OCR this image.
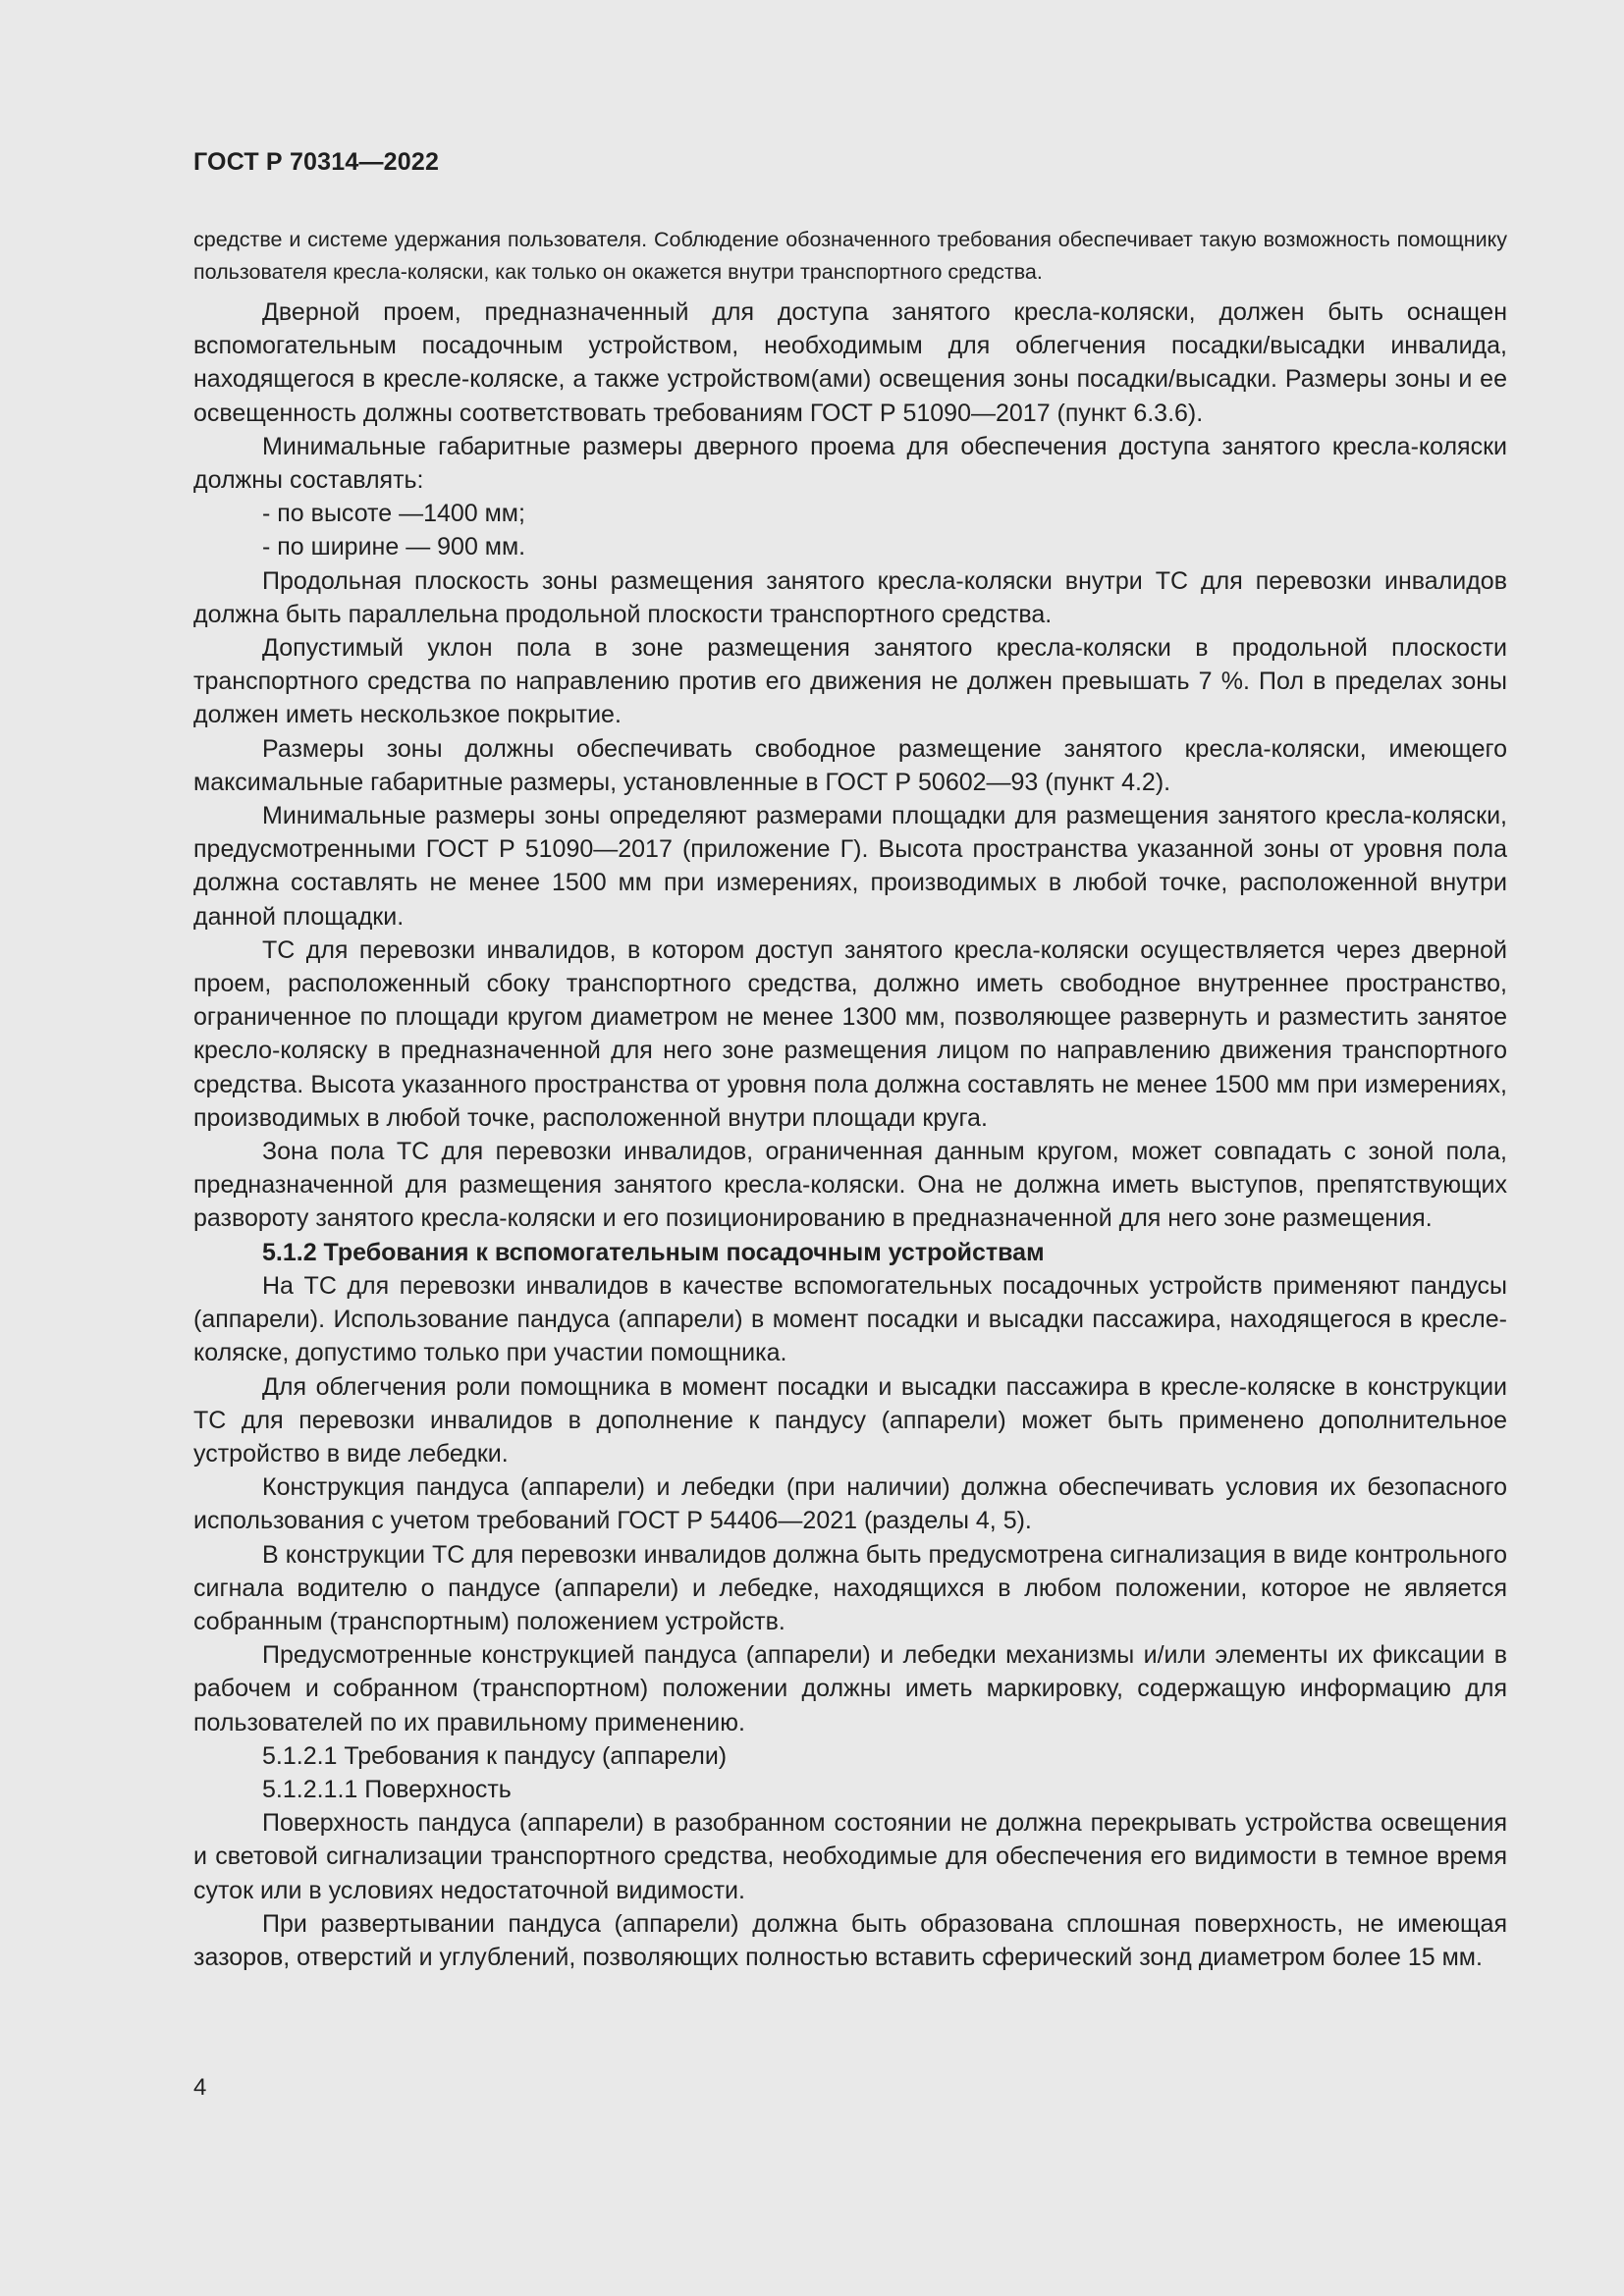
ГОСТ Р 70314—2022

средстве и системе удержания пользователя. Соблюдение обозначенного требования обеспечивает такую возможность помощнику пользователя кресла-коляски, как только он окажется внутри транспортного средства.

Дверной проем, предназначенный для доступа занятого кресла-коляски, должен быть оснащен вспомогательным посадочным устройством, необходимым для облегчения посадки/высадки инвалида, находящегося в кресле-коляске, а также устройством(ами) освещения зоны посадки/высадки. Размеры зоны и ее освещенность должны соответствовать требованиям ГОСТ Р 51090—2017 (пункт 6.3.6).

Минимальные габаритные размеры дверного проема для обеспечения доступа занятого кресла-коляски должны составлять:

- по высоте —1400 мм;

- по ширине — 900 мм.

Продольная плоскость зоны размещения занятого кресла-коляски внутри ТС для перевозки инвалидов должна быть параллельна продольной плоскости транспортного средства.

Допустимый уклон пола в зоне размещения занятого кресла-коляски в продольной плоскости транспортного средства по направлению против его движения не должен превышать 7 %. Пол в пределах зоны должен иметь нескользкое покрытие.

Размеры зоны должны обеспечивать свободное размещение занятого кресла-коляски, имеющего максимальные габаритные размеры, установленные в ГОСТ Р 50602—93 (пункт 4.2).

Минимальные размеры зоны определяют размерами площадки для размещения занятого кресла-коляски, предусмотренными ГОСТ Р 51090—2017 (приложение Г). Высота пространства указанной зоны от уровня пола должна составлять не менее 1500 мм при измерениях, производимых в любой точке, расположенной внутри данной площадки.

ТС для перевозки инвалидов, в котором доступ занятого кресла-коляски осуществляется через дверной проем, расположенный сбоку транспортного средства, должно иметь свободное внутреннее пространство, ограниченное по площади кругом диаметром не менее 1300 мм, позволяющее развернуть и разместить занятое кресло-коляску в предназначенной для него зоне размещения лицом по направлению движения транспортного средства. Высота указанного пространства от уровня пола должна составлять не менее 1500 мм при измерениях, производимых в любой точке, расположенной внутри площади круга.

Зона пола ТС для перевозки инвалидов, ограниченная данным кругом, может совпадать с зоной пола, предназначенной для размещения занятого кресла-коляски. Она не должна иметь выступов, препятствующих развороту занятого кресла-коляски и его позиционированию в предназначенной для него зоне размещения.

5.1.2 Требования к вспомогательным посадочным устройствам

На ТС для перевозки инвалидов в качестве вспомогательных посадочных устройств применяют пандусы (аппарели). Использование пандуса (аппарели) в момент посадки и высадки пассажира, находящегося в кресле-коляске, допустимо только при участии помощника.

Для облегчения роли помощника в момент посадки и высадки пассажира в кресле-коляске в конструкции ТС для перевозки инвалидов в дополнение к пандусу (аппарели) может быть применено дополнительное устройство в виде лебедки.

Конструкция пандуса (аппарели) и лебедки (при наличии) должна обеспечивать условия их безопасного использования с учетом требований ГОСТ Р 54406—2021 (разделы 4, 5).

В конструкции ТС для перевозки инвалидов должна быть предусмотрена сигнализация в виде контрольного сигнала водителю о пандусе (аппарели) и лебедке, находящихся в любом положении, которое не является собранным (транспортным) положением устройств.

Предусмотренные конструкцией пандуса (аппарели) и лебедки механизмы и/или элементы их фиксации в рабочем и собранном (транспортном) положении должны иметь маркировку, содержащую информацию для пользователей по их правильному применению.

5.1.2.1 Требования к пандусу (аппарели)

5.1.2.1.1 Поверхность

Поверхность пандуса (аппарели) в разобранном состоянии не должна перекрывать устройства освещения и световой сигнализации транспортного средства, необходимые для обеспечения его видимости в темное время суток или в условиях недостаточной видимости.

При развертывании пандуса (аппарели) должна быть образована сплошная поверхность, не имеющая зазоров, отверстий и углублений, позволяющих полностью вставить сферический зонд диаметром более 15 мм.

4
